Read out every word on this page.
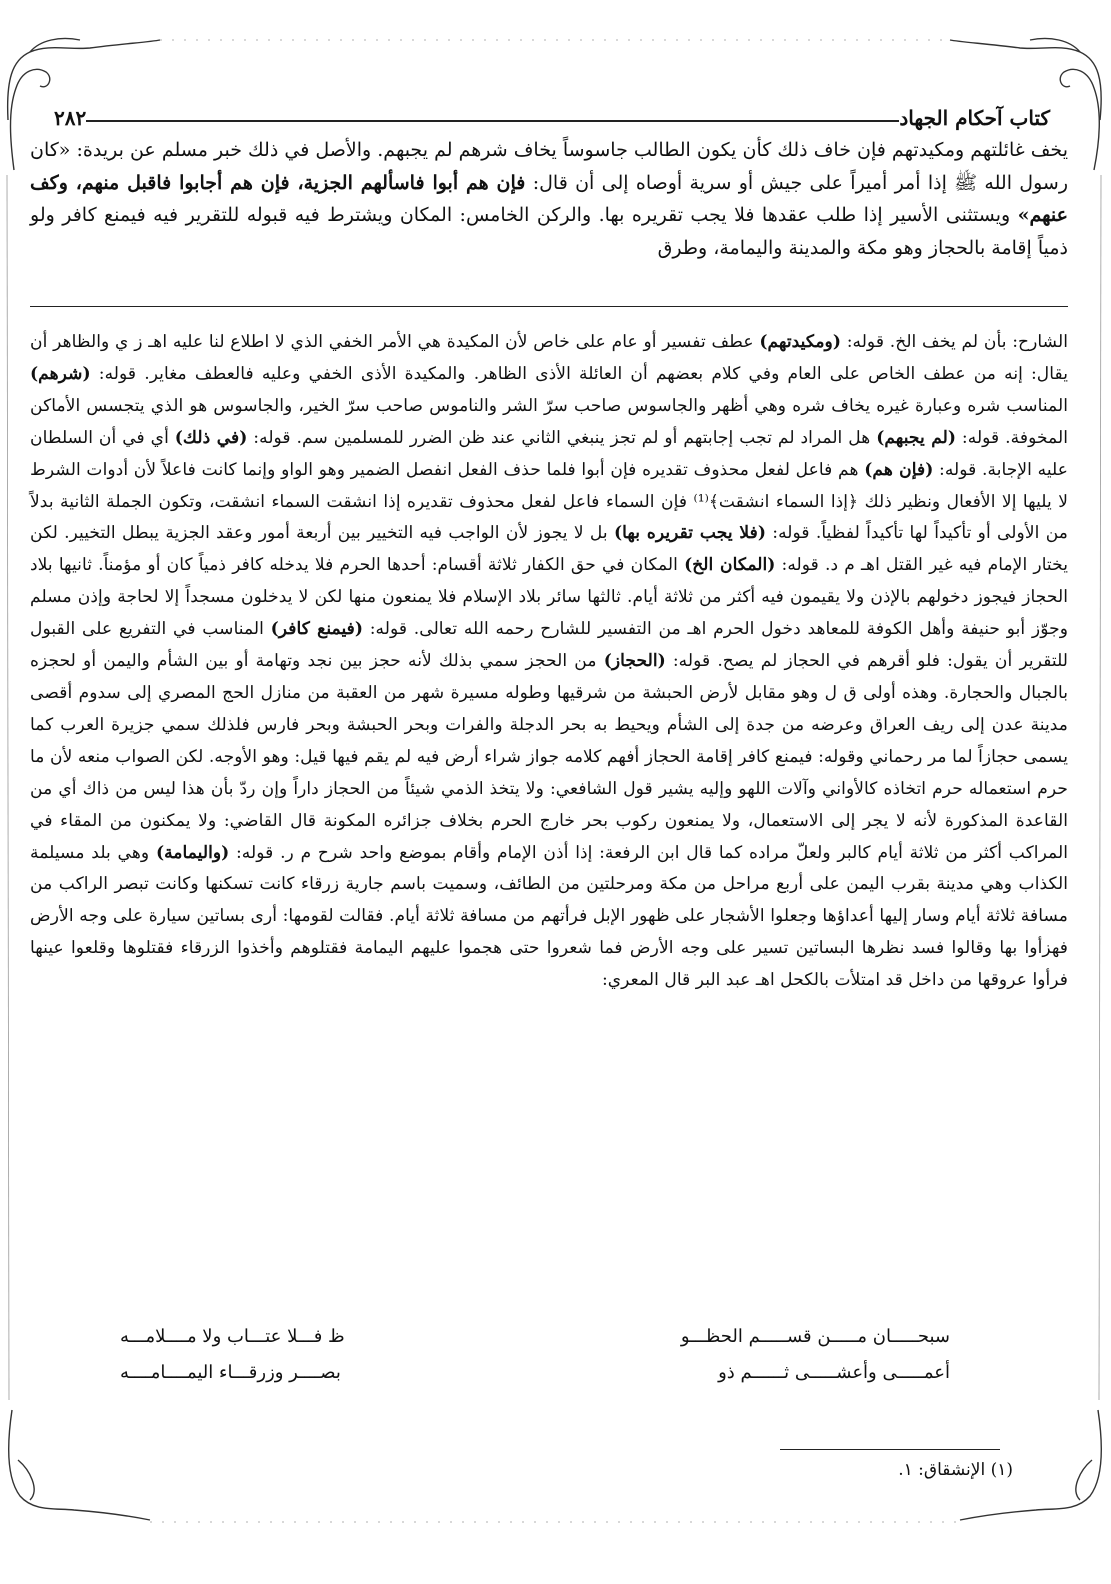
كتاب آحكام الجهاد
٢٨٢

يخف غائلتهم ومكيدتهم فإن خاف ذلك كأن يكون الطالب جاسوساً يخاف شرهم لم يجبهم. والأصل في ذلك خبر مسلم عن بريدة: «كان رسول الله ﷺ إذا أمر أميراً على جيش أو سرية أوصاه إلى أن قال: فإن هم أبوا فاسألهم الجزية، فإن هم أجابوا فاقبل منهم، وكف عنهم» ويستثنى الأسير إذا طلب عقدها فلا يجب تقريره بها. والركن الخامس: المكان ويشترط فيه قبوله للتقرير فيه فيمنع كافر ولو ذمياً إقامة بالحجاز وهو مكة والمدينة واليمامة، وطرق

الشارح: بأن لم يخف الخ. قوله: (ومكيدتهم) عطف تفسير أو عام على خاص لأن المكيدة هي الأمر الخفي الذي لا اطلاع لنا عليه اهـ ز ي والظاهر أن يقال: إنه من عطف الخاص على العام وفي كلام بعضهم أن العائلة الأذى الظاهر. والمكيدة الأذى الخفي وعليه فالعطف مغاير. قوله: (شرهم) المناسب شره وعبارة غيره يخاف شره وهي أظهر والجاسوس صاحب سرّ الشر والناموس صاحب سرّ الخير، والجاسوس هو الذي يتجسس الأماكن المخوفة. قوله: (لم يجبهم) هل المراد لم تجب إجابتهم أو لم تجز ينبغي الثاني عند ظن الضرر للمسلمين سم. قوله: (في ذلك) أي في أن السلطان عليه الإجابة. قوله: (فإن هم) هم فاعل لفعل محذوف تقديره فإن أبوا فلما حذف الفعل انفصل الضمير وهو الواو وإنما كانت فاعلاً لأن أدوات الشرط لا يليها إلا الأفعال ونظير ذلك ﴿إذا السماء انشقت﴾⁽¹⁾ فإن السماء فاعل لفعل محذوف تقديره إذا انشقت السماء انشقت، وتكون الجملة الثانية بدلاً من الأولى أو تأكيداً لها تأكيداً لفظياً. قوله: (فلا يجب تقريره بها) بل لا يجوز لأن الواجب فيه التخيير بين أربعة أمور وعقد الجزية يبطل التخيير. لكن يختار الإمام فيه غير القتل اهـ م د. قوله: (المكان الخ) المكان في حق الكفار ثلاثة أقسام: أحدها الحرم فلا يدخله كافر ذمياً كان أو مؤمناً. ثانيها بلاد الحجاز فيجوز دخولهم بالإذن ولا يقيمون فيه أكثر من ثلاثة أيام. ثالثها سائر بلاد الإسلام فلا يمنعون منها لكن لا يدخلون مسجداً إلا لحاجة وإذن مسلم وجوّز أبو حنيفة وأهل الكوفة للمعاهد دخول الحرم اهـ من التفسير للشارح رحمه الله تعالى. قوله: (فيمنع كافر) المناسب في التفريع على القبول للتقرير أن يقول: فلو أقرهم في الحجاز لم يصح. قوله: (الحجاز) من الحجز سمي بذلك لأنه حجز بين نجد وتهامة أو بين الشأم واليمن أو لحجزه بالجبال والحجارة. وهذه أولى ق ل وهو مقابل لأرض الحبشة من شرقيها وطوله مسيرة شهر من العقبة من منازل الحج المصري إلى سدوم أقصى مدينة عدن إلى ريف العراق وعرضه من جدة إلى الشأم ويحيط به بحر الدجلة والفرات وبحر الحبشة وبحر فارس فلذلك سمي جزيرة العرب كما يسمى حجازاً لما مر رحماني وقوله: فيمنع كافر إقامة الحجاز أفهم كلامه جواز شراء أرض فيه لم يقم فيها قيل: وهو الأوجه. لكن الصواب منعه لأن ما حرم استعماله حرم اتخاذه كالأواني وآلات اللهو وإليه يشير قول الشافعي: ولا يتخذ الذمي شيئاً من الحجاز داراً وإن ردّ بأن هذا ليس من ذاك أي من القاعدة المذكورة لأنه لا يجر إلى الاستعمال، ولا يمنعون ركوب بحر خارج الحرم بخلاف جزائره المكونة قال القاضي: ولا يمكنون من المقاء في المراكب أكثر من ثلاثة أيام كالبر ولعلّ مراده كما قال ابن الرفعة: إذا أذن الإمام وأقام بموضع واحد شرح م ر. قوله: (واليمامة) وهي بلد مسيلمة الكذاب وهي مدينة بقرب اليمن على أربع مراحل من مكة ومرحلتين من الطائف، وسميت باسم جارية زرقاء كانت تسكنها وكانت تبصر الراكب من مسافة ثلاثة أيام وسار إليها أعداؤها وجعلوا الأشجار على ظهور الإبل فرأتهم من مسافة ثلاثة أيام. فقالت لقومها: أرى بساتين سيارة على وجه الأرض فهزأوا بها وقالوا فسد نظرها البساتين تسير على وجه الأرض فما شعروا حتى هجموا عليهم اليمامة فقتلوهم وأخذوا الزرقاء فقتلوها وقلعوا عينها فرأوا عروقها من داخل قد امتلأت بالكحل اهـ عبد البر قال المعري:

سبحـــــان مـــــن قســـــم الحظـــو
ظ فـــلا عتـــاب ولا مــــلامـــه
أعمـــــى وأعشـــــى ثــــــم ذو
بصــــر وزرقـــاء اليمــــامــــه
(١) الإنشقاق: ١.
